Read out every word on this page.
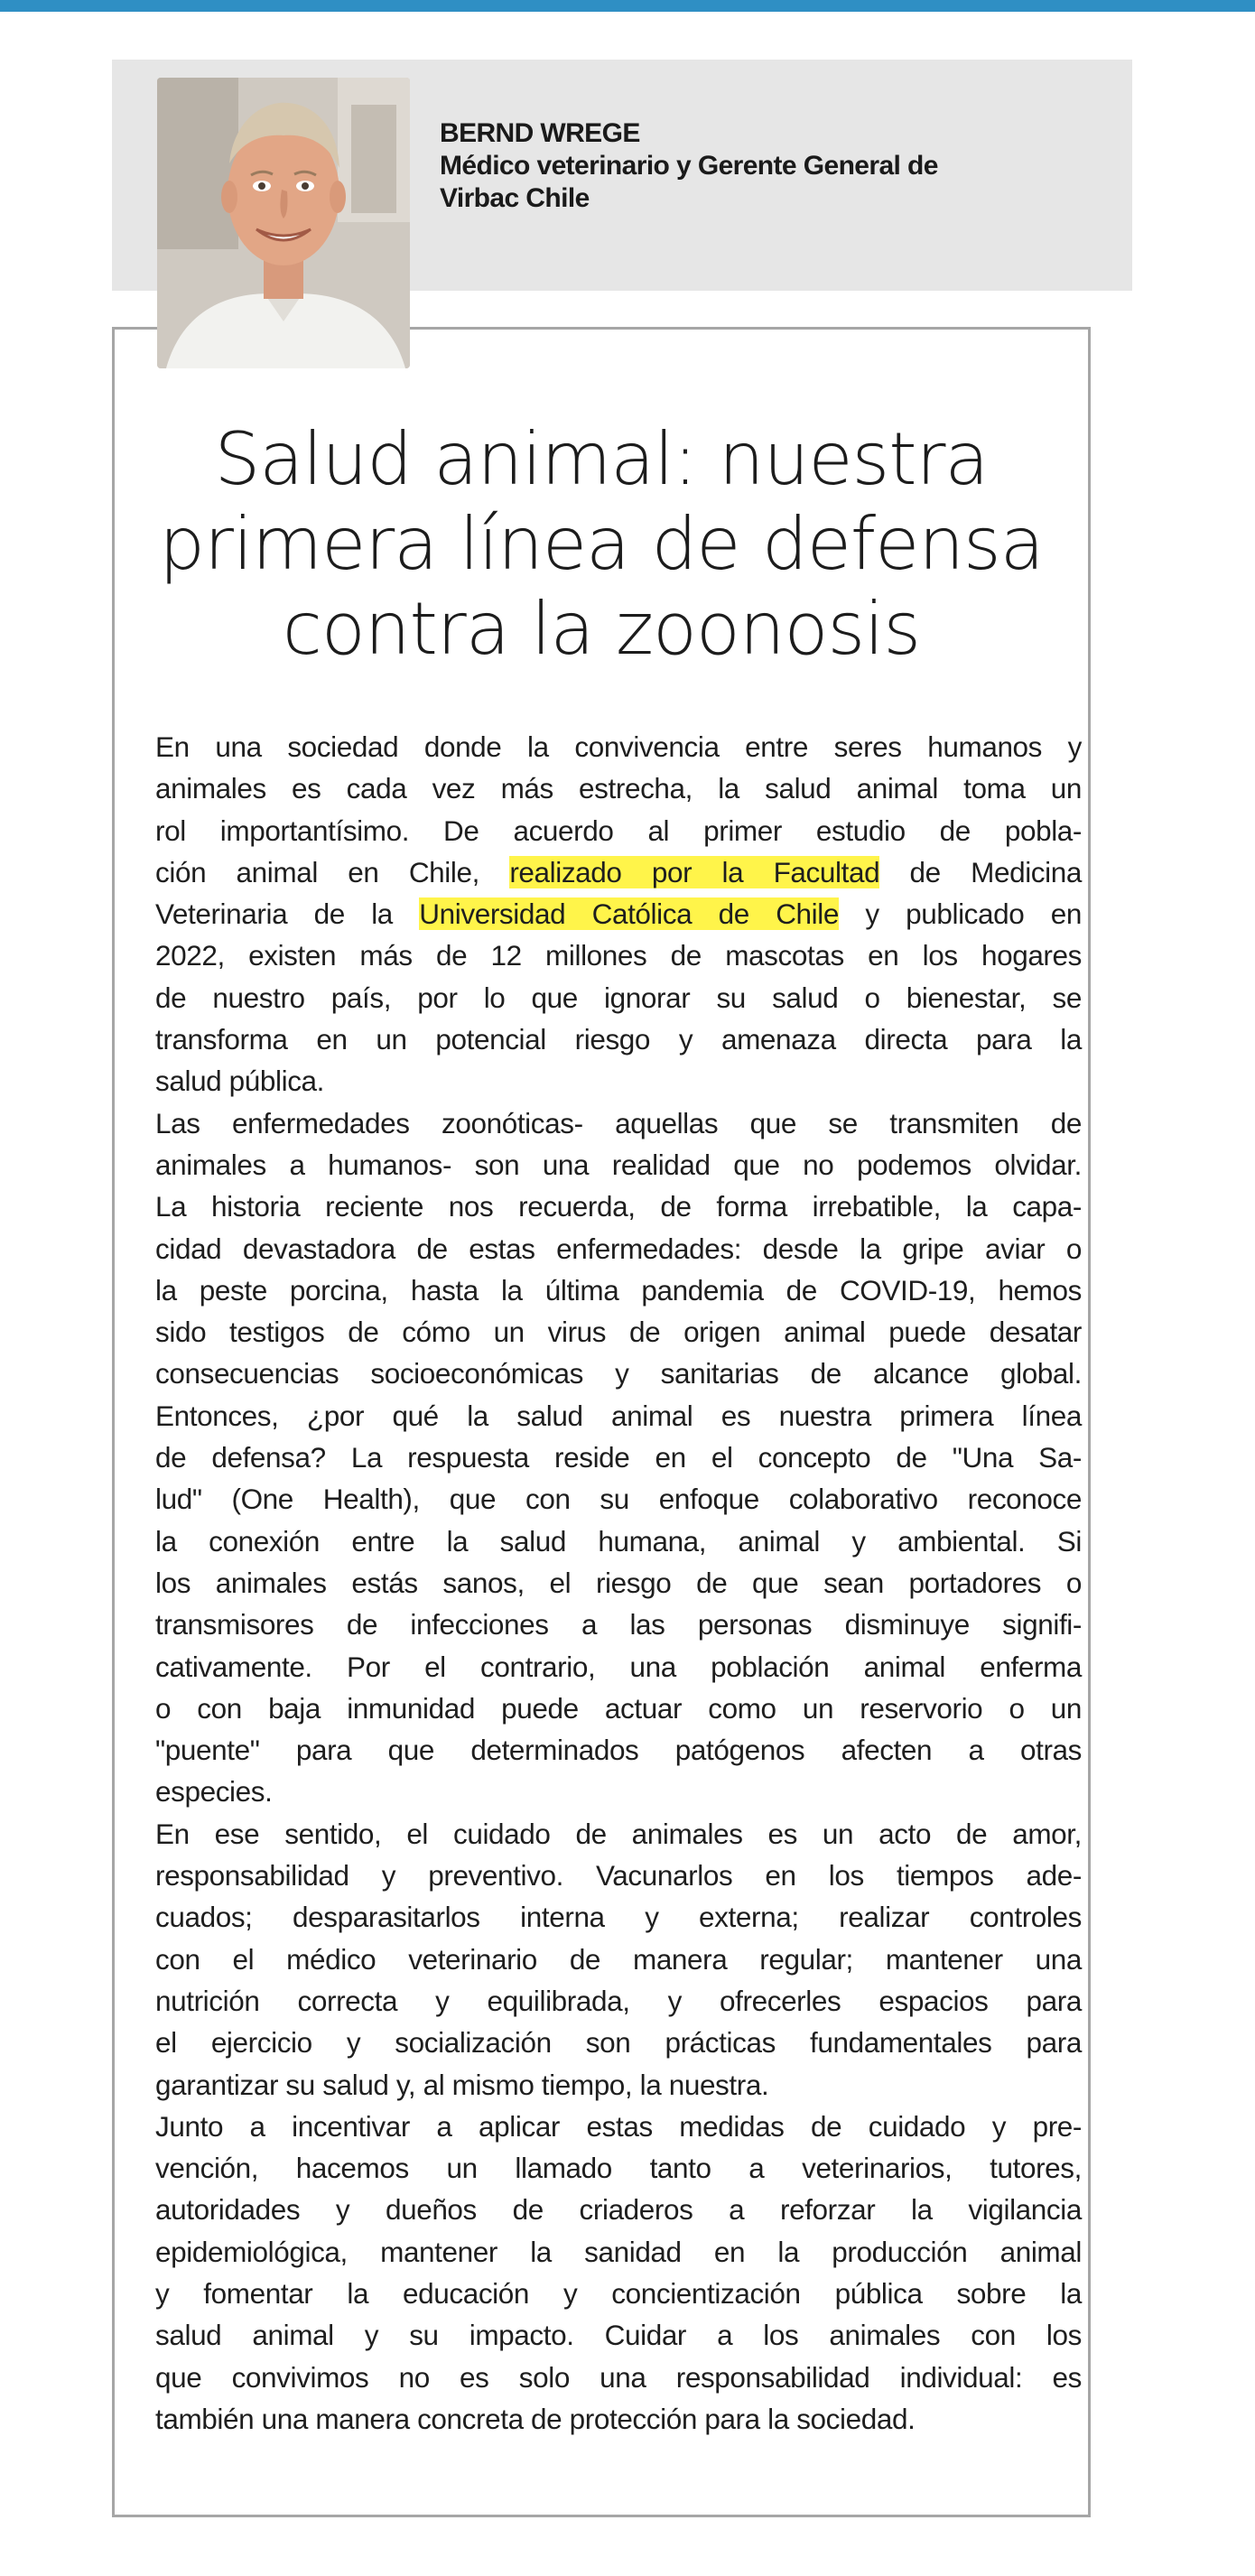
BERND WREGE
Médico veterinario y Gerente General de
Virbac Chile
Salud animal: nuestra
primera línea de defensa
contra la zoonosis
En una sociedad donde la convivencia entre seres humanos y
animales es cada vez más estrecha, la salud animal toma un
rol importantísimo. De acuerdo al primer estudio de pobla-
ción animal en Chile, realizado por la Facultad de Medicina
Veterinaria de la Universidad Católica de Chile y publicado en
2022, existen más de 12 millones de mascotas en los hogares
de nuestro país, por lo que ignorar su salud o bienestar, se
transforma en un potencial riesgo y amenaza directa para la
salud pública.
Las enfermedades zoonóticas- aquellas que se transmiten de
animales a humanos- son una realidad que no podemos olvidar.
La historia reciente nos recuerda, de forma irrebatible, la capa-
cidad devastadora de estas enfermedades: desde la gripe aviar o
la peste porcina, hasta la última pandemia de COVID-19, hemos
sido testigos de cómo un virus de origen animal puede desatar
consecuencias socioeconómicas y sanitarias de alcance global.
Entonces, ¿por qué la salud animal es nuestra primera línea
de defensa? La respuesta reside en el concepto de "Una Sa-
lud" (One Health), que con su enfoque colaborativo reconoce
la conexión entre la salud humana, animal y ambiental. Si
los animales estás sanos, el riesgo de que sean portadores o
transmisores de infecciones a las personas disminuye signifi-
cativamente. Por el contrario, una población animal enferma
o con baja inmunidad puede actuar como un reservorio o un
"puente" para que determinados patógenos afecten a otras
especies.
En ese sentido, el cuidado de animales es un acto de amor,
responsabilidad y preventivo. Vacunarlos en los tiempos ade-
cuados; desparasitarlos interna y externa; realizar controles
con el médico veterinario de manera regular; mantener una
nutrición correcta y equilibrada, y ofrecerles espacios para
el ejercicio y socialización son prácticas fundamentales para
garantizar su salud y, al mismo tiempo, la nuestra.
Junto a incentivar a aplicar estas medidas de cuidado y pre-
vención, hacemos un llamado tanto a veterinarios, tutores,
autoridades y dueños de criaderos a reforzar la vigilancia
epidemiológica, mantener la sanidad en la producción animal
y fomentar la educación y concientización pública sobre la
salud animal y su impacto. Cuidar a los animales con los
que convivimos no es solo una responsabilidad individual: es
también una manera concreta de protección para la sociedad.
